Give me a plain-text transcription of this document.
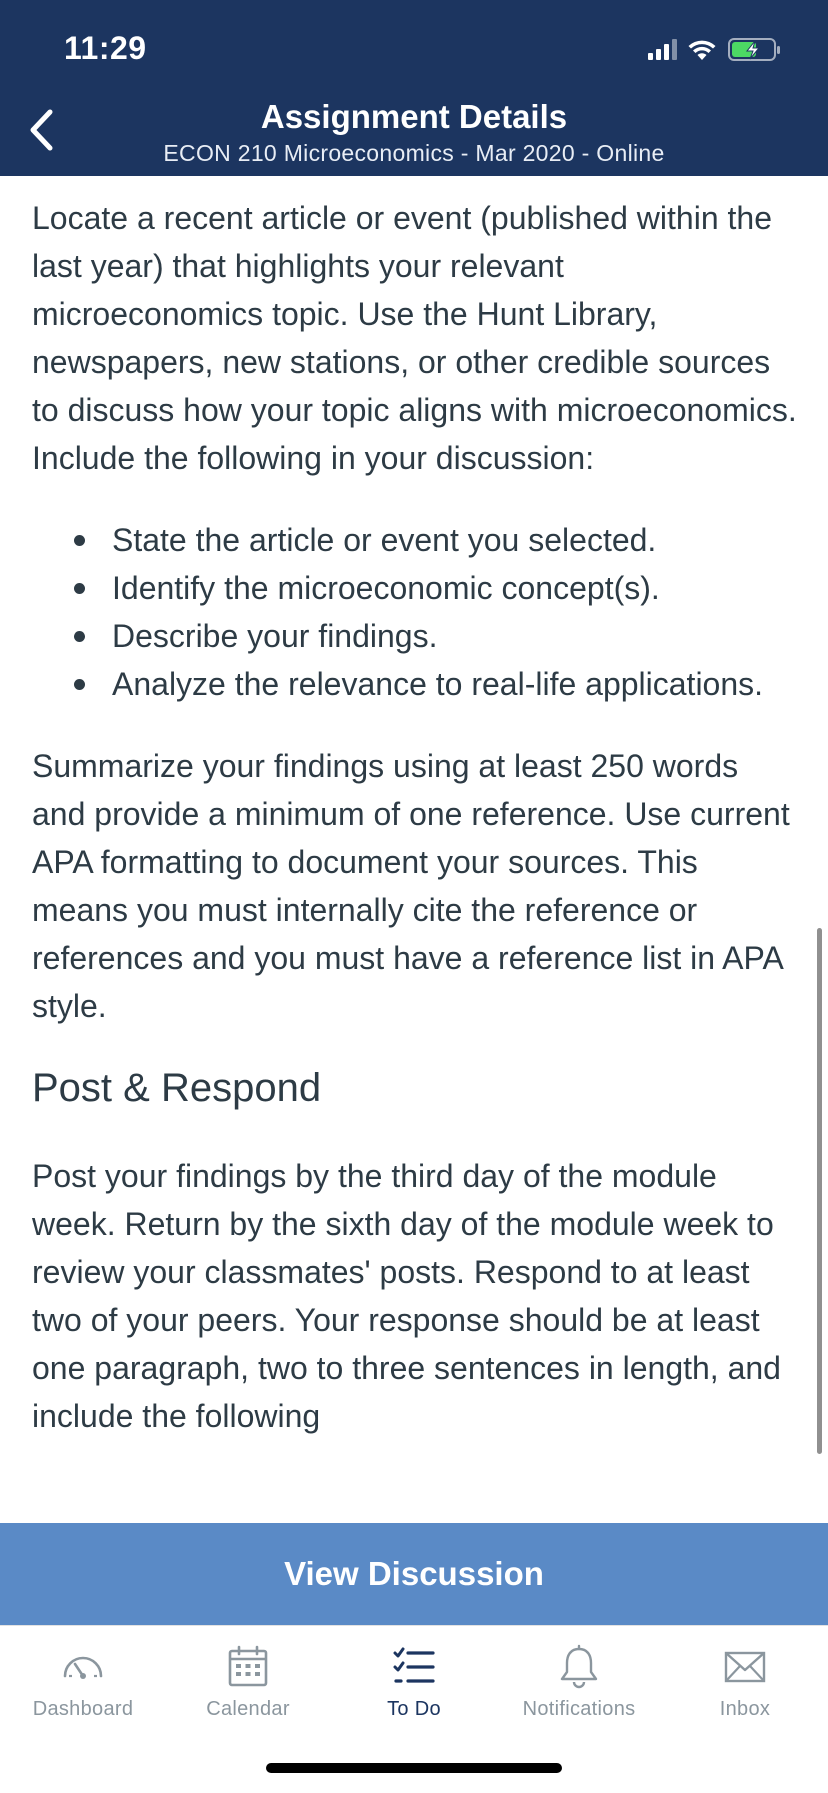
11:29
Assignment Details
ECON 210 Microeconomics - Mar 2020 - Online

Locate a recent article or event (published within the last year) that highlights your relevant microeconomics topic. Use the Hunt Library, newspapers, new stations, or other credible sources to discuss how your topic aligns with microeconomics. Include the following in your discussion:

State the article or event you selected.
Identify the microeconomic concept(s).
Describe your findings.
Analyze the relevance to real-life applications.

Summarize your findings using at least 250 words and provide a minimum of one reference. Use current APA formatting to document your sources. This means you must internally cite the reference or references and you must have a reference list in APA style.

Post & Respond

Post your findings by the third day of the module week. Return by the sixth day of the module week to review your classmates' posts. Respond to at least two of your peers. Your response should be at least one paragraph, two to three sentences in length, and include the following

View Discussion
Dashboard	Calendar	To Do	Notifications	Inbox
